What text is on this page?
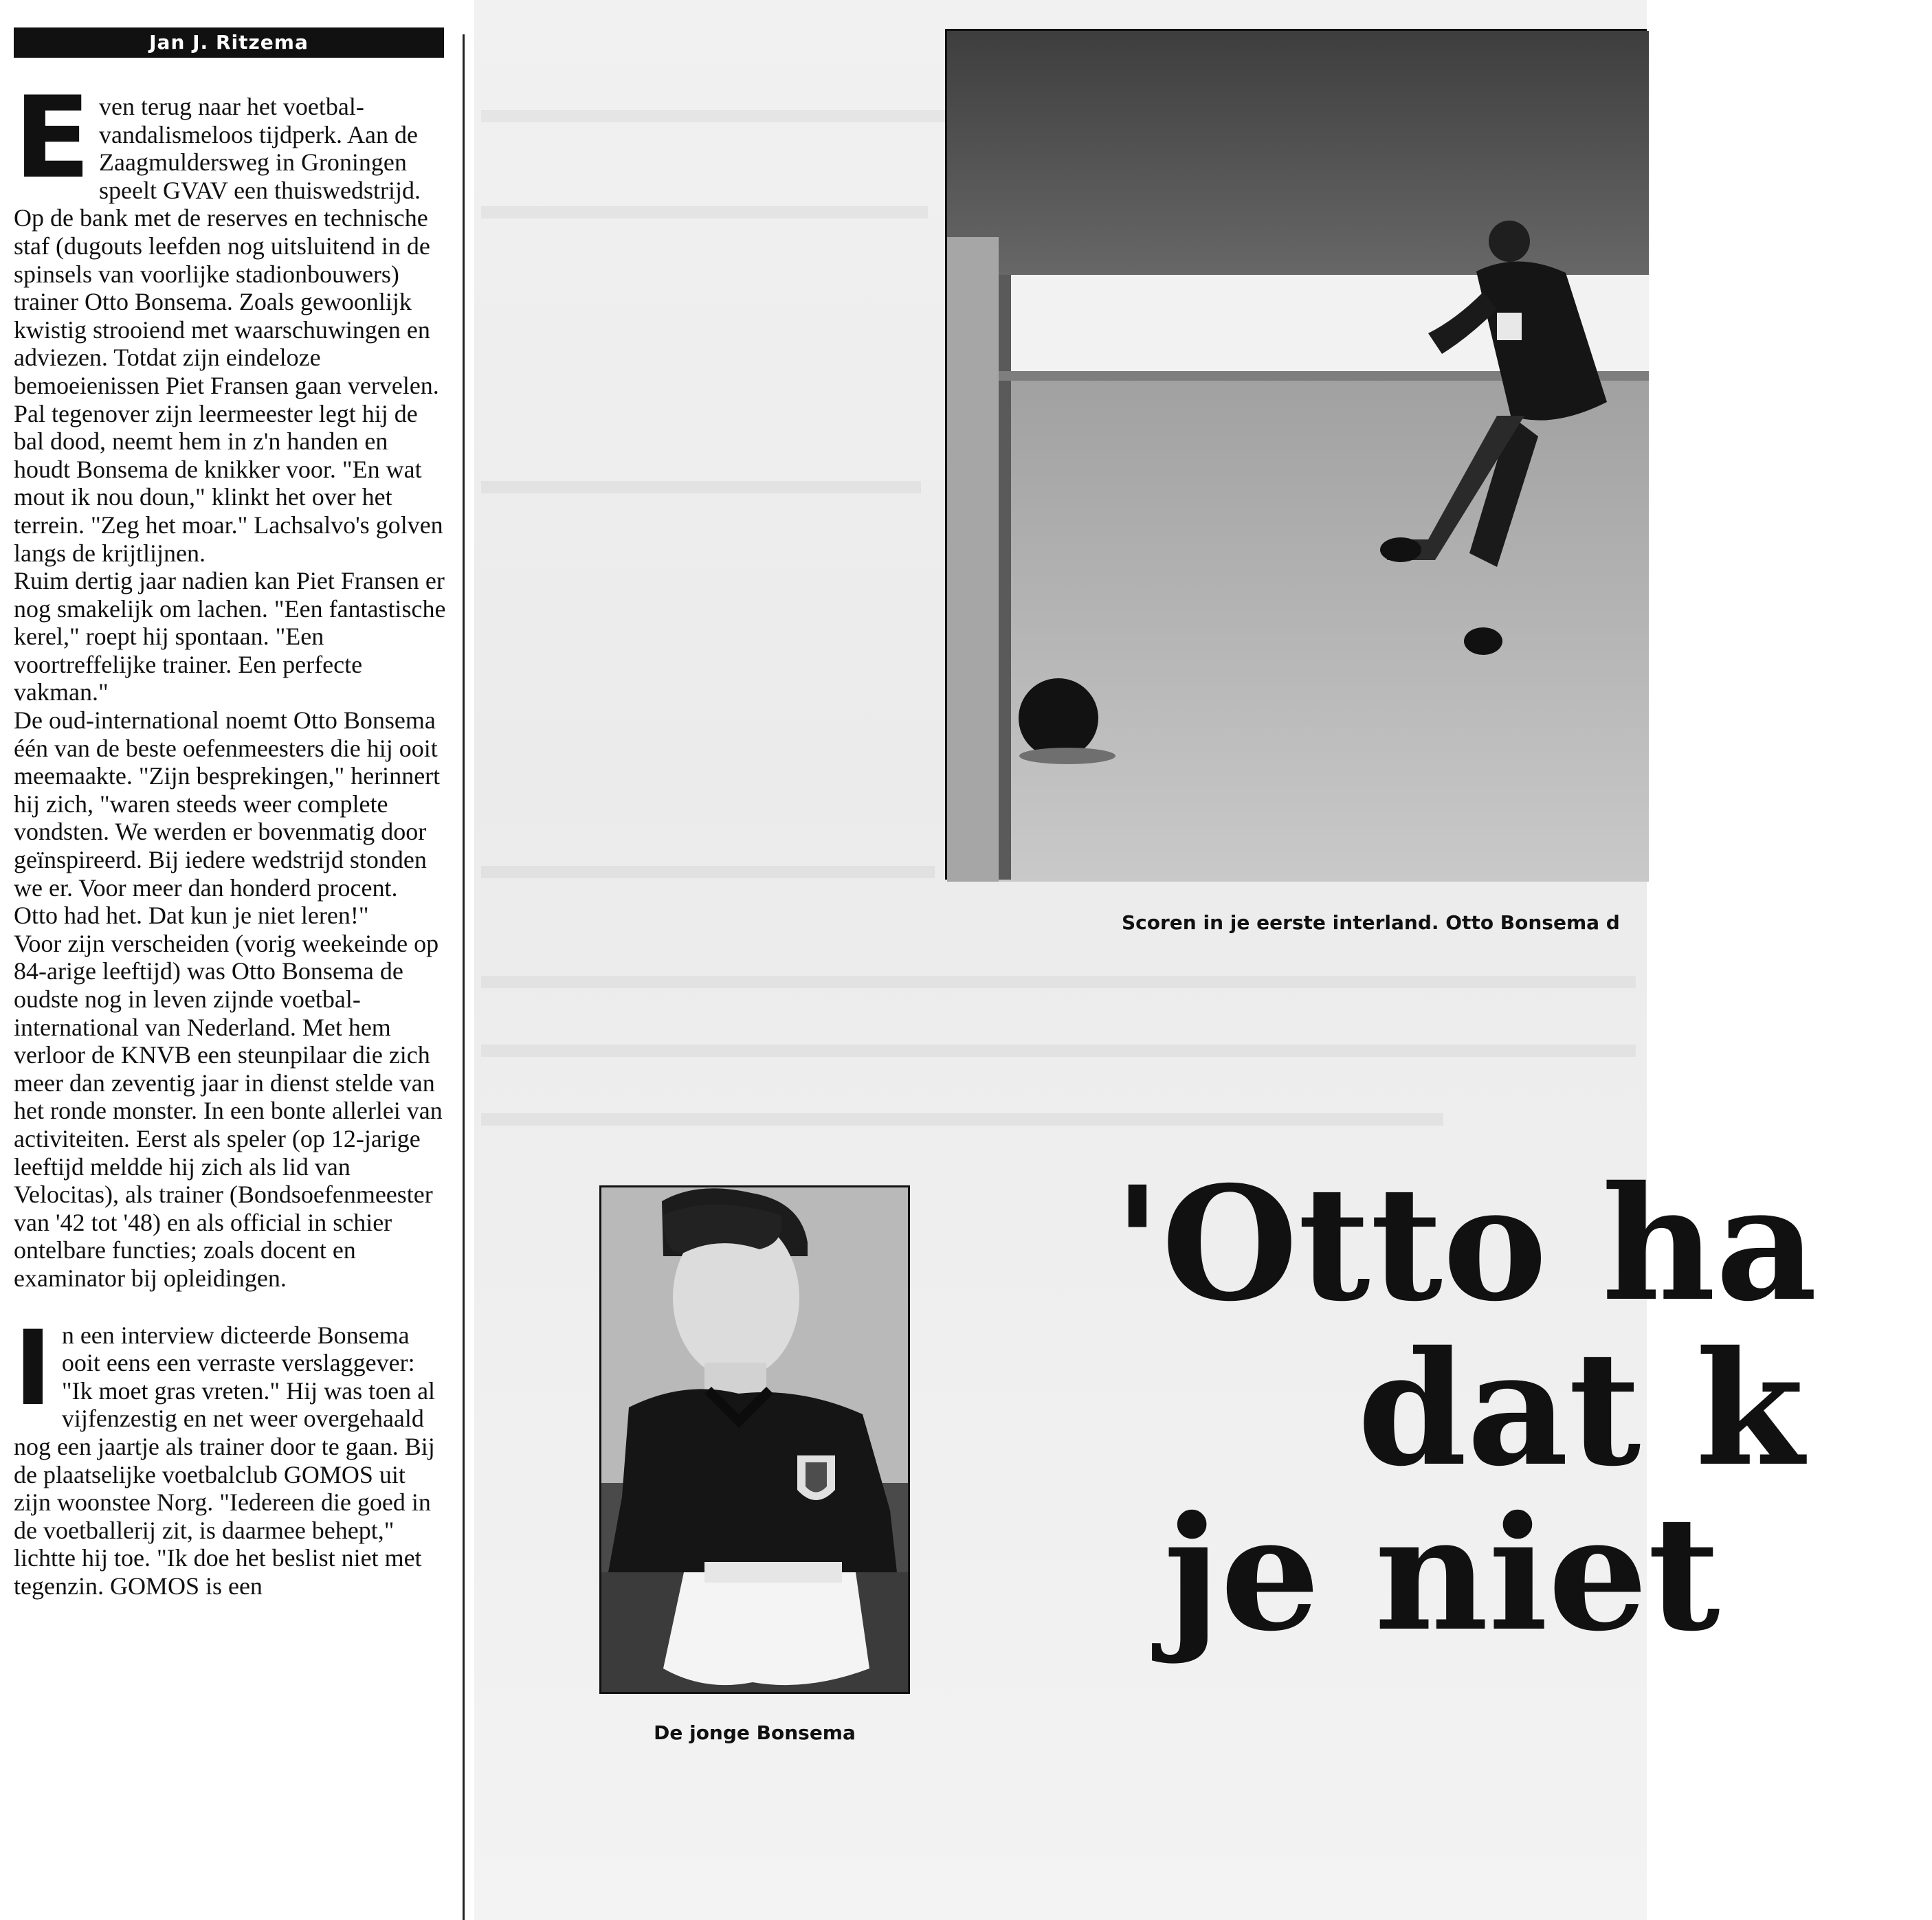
Jan J. Ritzema

E ven terug naar het voetbal-vandalismeloos tijdperk. Aan de Zaagmuldersweg in Groningen speelt GVAV een thuiswedstrijd. Op de bank met de reserves en technische staf (dugouts leefden nog uitsluitend in de spinsels van voorlijke stadionbouwers) trainer Otto Bonsema. Zoals gewoonlijk kwistig strooiend met waarschuwingen en adviezen. Totdat zijn eindeloze bemoeienissen Piet Fransen gaan vervelen. Pal tegenover zijn leermeester legt hij de bal dood, neemt hem in z'n handen en houdt Bonsema de knikker voor. "En wat mout ik nou doun," klinkt het over het terrein. "Zeg het moar." Lachsalvo's golven langs de krijtlijnen.

Ruim dertig jaar nadien kan Piet Fransen er nog smakelijk om lachen. "Een fantastische kerel," roept hij spontaan. "Een voortreffelijke trainer. Een perfecte vakman."

De oud-international noemt Otto Bonsema één van de beste oefenmeesters die hij ooit meemaakte. "Zijn besprekingen," herinnert hij zich, "waren steeds weer complete vondsten. We werden er bovenmatig door geïnspireerd. Bij iedere wedstrijd stonden we er. Voor meer dan honderd procent. Otto had het. Dat kun je niet leren!"

Voor zijn verscheiden (vorig weekeinde op 84-arige leeftijd) was Otto Bonsema de oudste nog in leven zijnde voetbal-international van Nederland. Met hem verloor de KNVB een steunpilaar die zich meer dan zeventig jaar in dienst stelde van het ronde monster. In een bonte allerlei van activiteiten. Eerst als speler (op 12-jarige leeftijd meldde hij zich als lid van Velocitas), als trainer (Bondsoefenmeester van '42 tot '48) en als official in schier ontelbare functies; zoals docent en examinator bij opleidingen.

I n een interview dicteerde Bonsema ooit eens een verraste verslaggever: "Ik moet gras vreten." Hij was toen al vijfenzestig en net weer overgehaald nog een jaartje als trainer door te gaan. Bij de plaatselijke voetbalclub GOMOS uit zijn woonstee Norg. "Iedereen die goed in de voetballerij zit, is daarmee behept," lichtte hij toe. "Ik doe het beslist niet met tegenzin. GOMOS is een

Scoren in je eerste interland. Otto Bonsema d
De jonge Bonsema
'Otto ha
dat k
je niet
